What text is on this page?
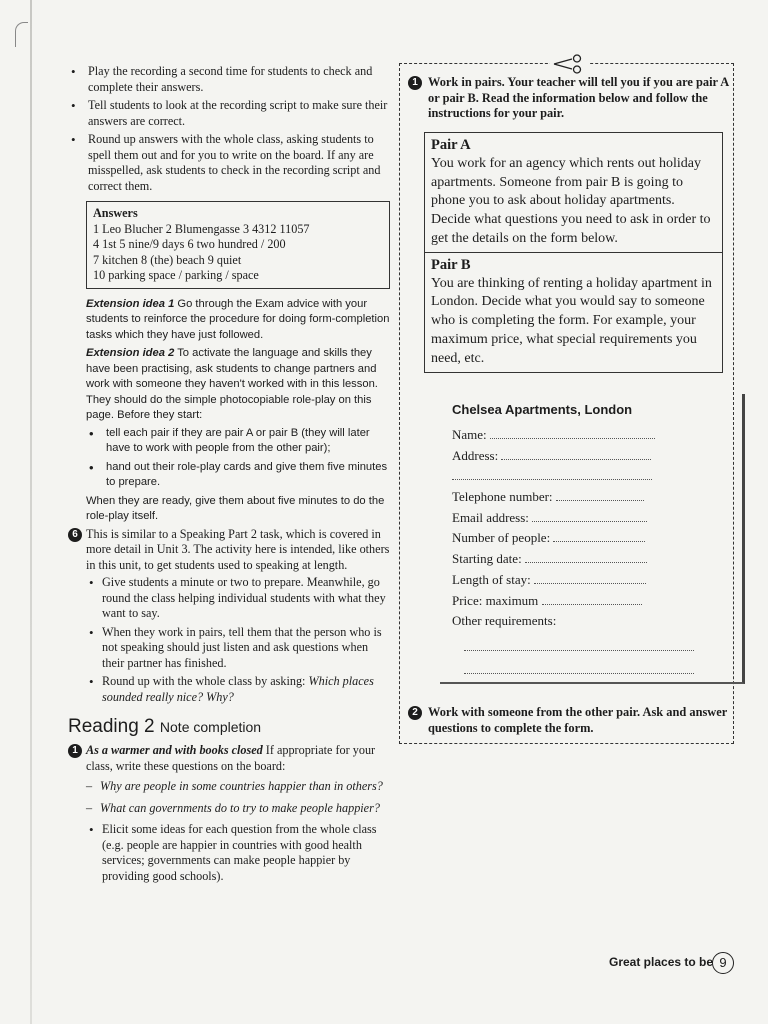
• Play the recording a second time for students to check and complete their answers.
• Tell students to look at the recording script to make sure their answers are correct.
• Round up answers with the whole class, asking students to spell them out and for you to write on the board. If any are misspelled, ask students to check in the recording script and correct them.
Answers
1 Leo Blucher 2 Blumengasse 3 4312 11057
4 1st 5 nine/9 days 6 two hundred / 200
7 kitchen 8 (the) beach 9 quiet
10 parking space / parking / space

Extension idea 1 Go through the Exam advice with your students to reinforce the procedure for doing form-completion tasks which they have just followed.

Extension idea 2 To activate the language and skills they have been practising, ask students to change partners and work with someone they haven't worked with in this lesson. They should do the simple photocopiable role-play on this page. Before they start:

• tell each pair if they are pair A or pair B (they will later have to work with people from the other pair);
• hand out their role-play cards and give them five minutes to prepare.

When they are ready, give them about five minutes to do the role-play itself.

6 This is similar to a Speaking Part 2 task, which is covered in more detail in Unit 3. The activity here is intended, like others in this unit, to get students used to speaking at length.
• Give students a minute or two to prepare. Meanwhile, go round the class helping individual students with what they want to say.
• When they work in pairs, tell them that the person who is not speaking should just listen and ask questions when their partner has finished.
• Round up with the whole class by asking: Which places sounded really nice? Why?
Reading 2 Note completion
1 As a warmer and with books closed If appropriate for your class, write these questions on the board:
– Why are people in some countries happier than in others?
– What can governments do to try to make people happier?
• Elicit some ideas for each question from the whole class (e.g. people are happier in countries with good health services; governments can make people happier by providing good schools).
1 Work in pairs. Your teacher will tell you if you are pair A or pair B. Read the information below and follow the instructions for your pair.
Pair A
You work for an agency which rents out holiday apartments. Someone from pair B is going to phone you to ask about holiday apartments. Decide what questions you need to ask in order to get the details on the form below.
Pair B
You are thinking of renting a holiday apartment in London. Decide what you would say to someone who is completing the form. For example, your maximum price, what special requirements you need, etc.
Chelsea Apartments, London
Name:
Address:
Telephone number:
Email address:
Number of people:
Starting date:
Length of stay:
Price: maximum
Other requirements:
2 Work with someone from the other pair. Ask and answer questions to complete the form.
Great places to be 9
